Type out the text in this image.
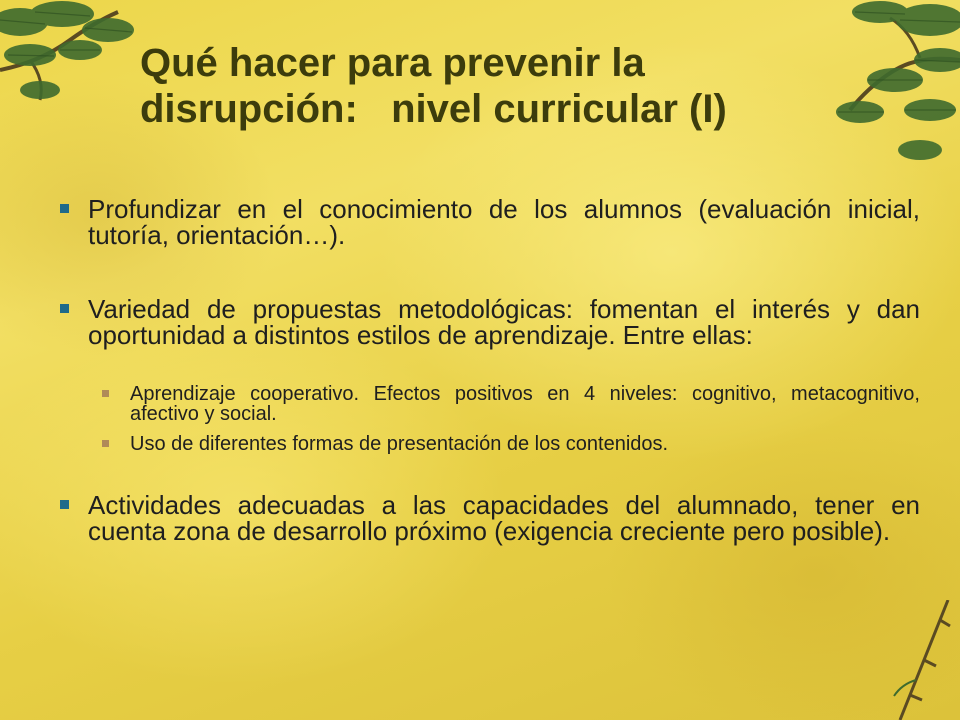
Qué hacer para prevenir la
disrupción:   nivel curricular (I)
Profundizar en el conocimiento de los alumnos (evaluación inicial, tutoría, orientación…).
Variedad de propuestas metodológicas: fomentan el interés y dan oportunidad a distintos estilos de aprendizaje. Entre ellas:
Aprendizaje cooperativo. Efectos positivos en 4 niveles: cognitivo, metacognitivo, afectivo y social.
Uso de diferentes formas de presentación de los contenidos.
Actividades adecuadas a las capacidades del alumnado, tener en cuenta zona de desarrollo próximo (exigencia creciente pero posible).
